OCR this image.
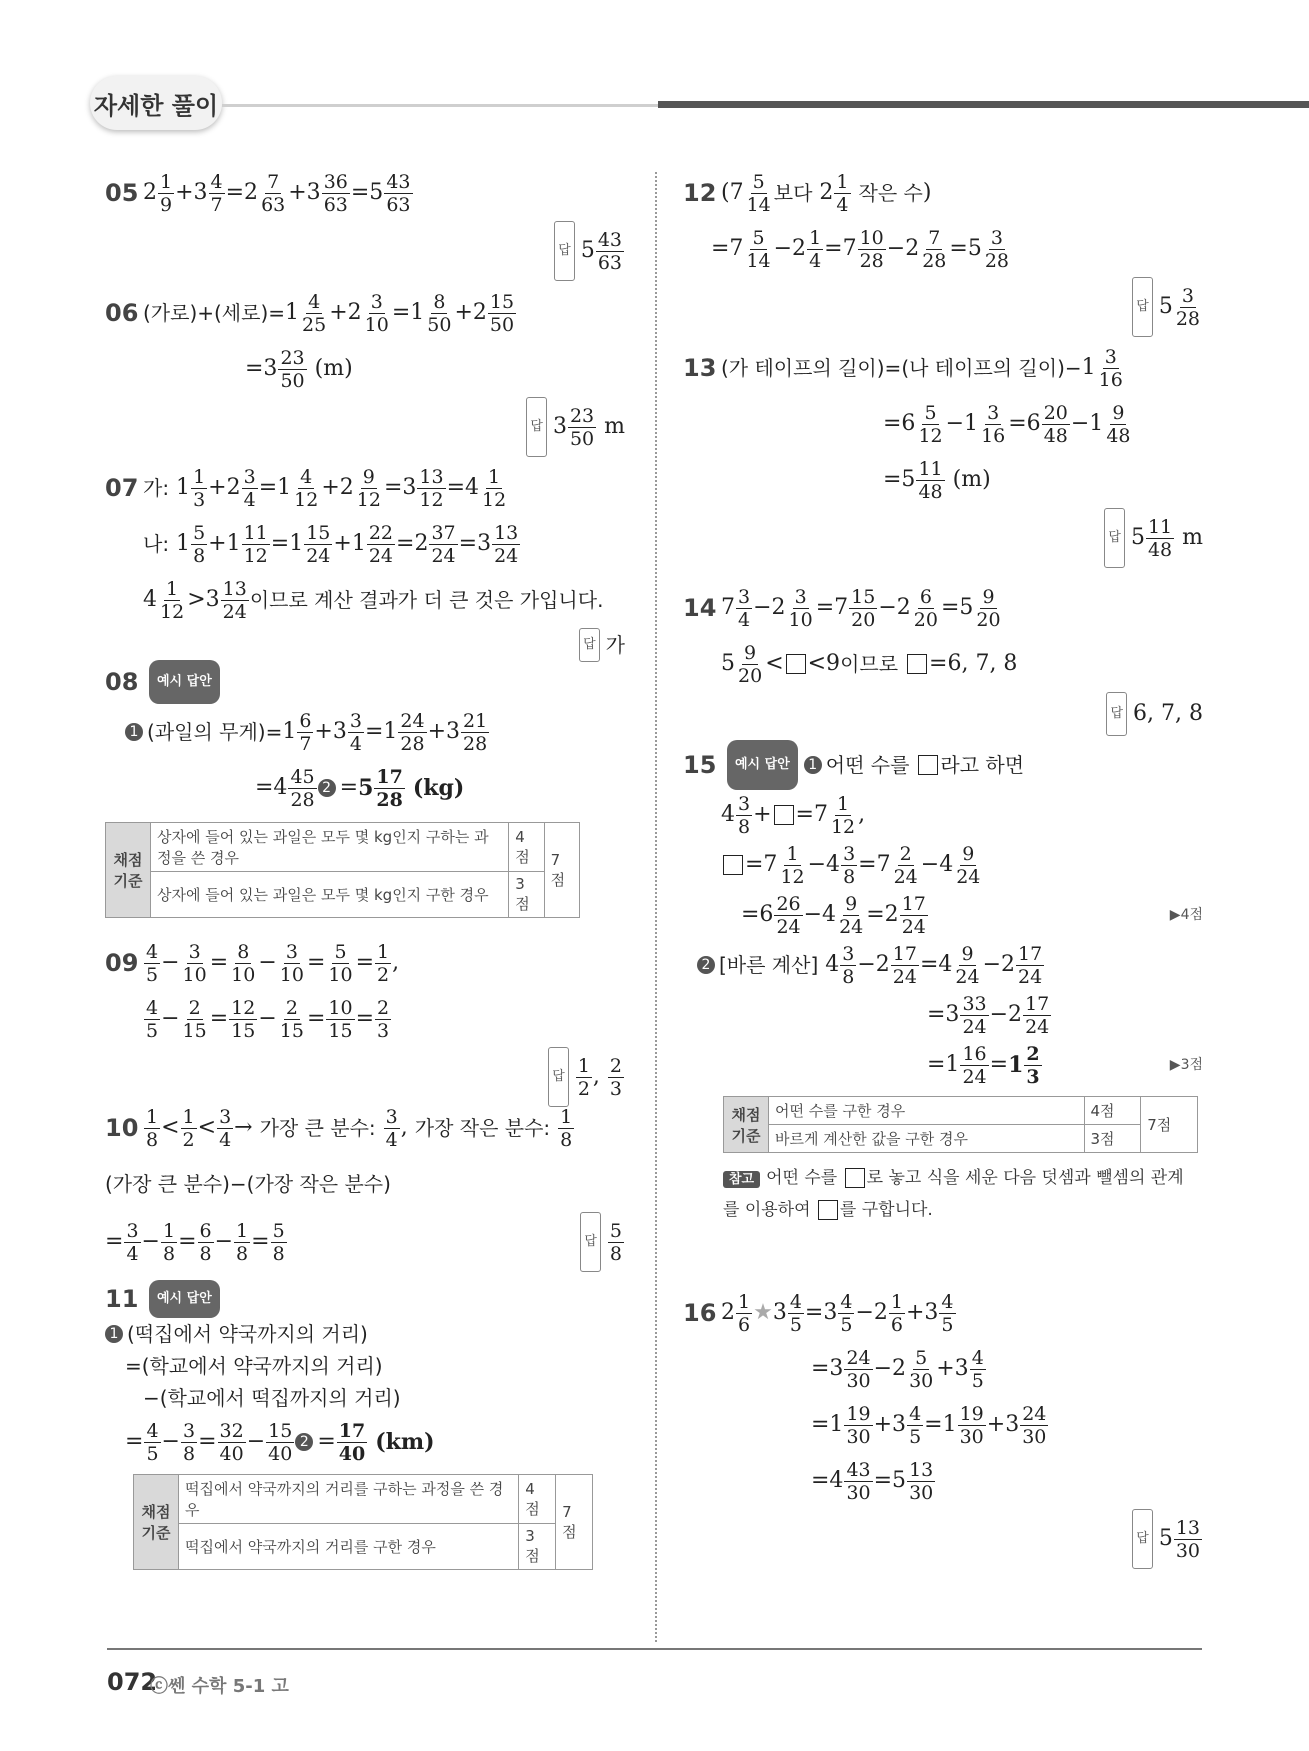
자세한 풀이
05 2 1
9 +3 4
7 =2 7
63 +3 36
63 =5 43
63
답 5 43
63
06 (가로)+(세로)= $1 \frac{4}{25} +2$ 3
10 =1 8
50 +2 15
50
=3 23
50
(m)
답 3 23
50
m
07 가: 1 1
3 +2 3
4 =1 4
12 +2 9
12 =3 13
12 =4 1
12
나: 1 5
8 +1 11
12 =1 15
24 +1 22
24 =2 37
24 =3 13
24
4 1
12 >3 13
24 이므로 계산 결과가 더 큰 것은 가입니다.
답 가
08	예시 답안
1 (과일의 무게)= $1 \frac{6}{7} +3$ 3
4 =1 24
28 +3 21
28
=4 45
28
2 = 5 17
28
(kg)
채점 기준	상자에 들어 있는 과일은 모두 몇 kg인지 구하는 과정을 쓴 경우	4점	7점
	상자에 들어 있는 과일은 모두 몇 kg인지 구한 경우	3점	
09 4
5 − 3
10 = 8
10 − 3
10 = 5
10 = 1
2 ,
4
5 − 2
15 = 12
15 − 2
15 = 10
15 = 2
3
답 1
2 , 2
3
10 1
8 < 1
2 < 3
4 → 가장 큰 분수:
3
4 , 가장 작은 분수:
1
8
(가장 큰 분수)−(가장 작은 분수)
= 3
4 − 1
8 = 6
8 − 1
8 = 5
8
답 5
8
11	예시 답안
1 (떡집에서 약국까지의 거리)
=(학교에서 약국까지의 거리)
−(학교에서 떡집까지의 거리)
= 4
5 − 3
8 = 32
40 − 15
40
2 = 17
40
(km)
채점 기준	떡집에서 약국까지의 거리를 구하는 과정을 쓴 경우	4점	7점
	떡집에서 약국까지의 거리를 구한 경우	3점	
12 (7 5
14 보다 2 1
4
작은 수 )
=7 5
14 −2 1
4 =7 10
28 −2 7
28 =5 3
28
답 5 3
28
13 (가 테이프의 길이)=(나 테이프의 길이)− $1 \frac{3}{16}$
=6 5
12 −1 3
16 =6 20
48 −1 9
48
=5 11
48
(m)
답 5 11
48
m
14 7 3
4 −2 3
10 =7 15
20 −2 6
20 =5 9
20
5 9
20 < <9 이므로
=6, 7, 8
답 6, 7, 8
15	예시 답안	1 어떤 수를
라고 하면
4 3
8 + =7 1
12 ,
=7 1
12 −4 3
8 =7 2
24 −4 9
24
=6 26
24 −4 9
24 =2 17
24
▶4점
2 [바른 계산] 4 3
8 −2 17
24 =4 9
24 −2 17
24
=3 33
24 −2 17
24
=1 16
24 = 1 2
3
▶3점
채점 기준	어떤 수를 구한 경우	4점	7점
	바르게 계산한 값을 구한 경우	3점	
참고 어떤 수를 로 놓고 식을 세운 다음 덧셈과 뺄셈의 관계를 이용하여 를 구합니다.
16 2 1
6 ★ 3 4
5 =3 4
5 −2 1
6 +3 4
5
=3 24
30 −2 5
30 +3 4
5
=1 19
30 +3 4
5 =1 19
30 +3 24
30
=4 43
30 =5 13
30
답 5 13
30
072
ⓒ쎈 수학 5-1 고
